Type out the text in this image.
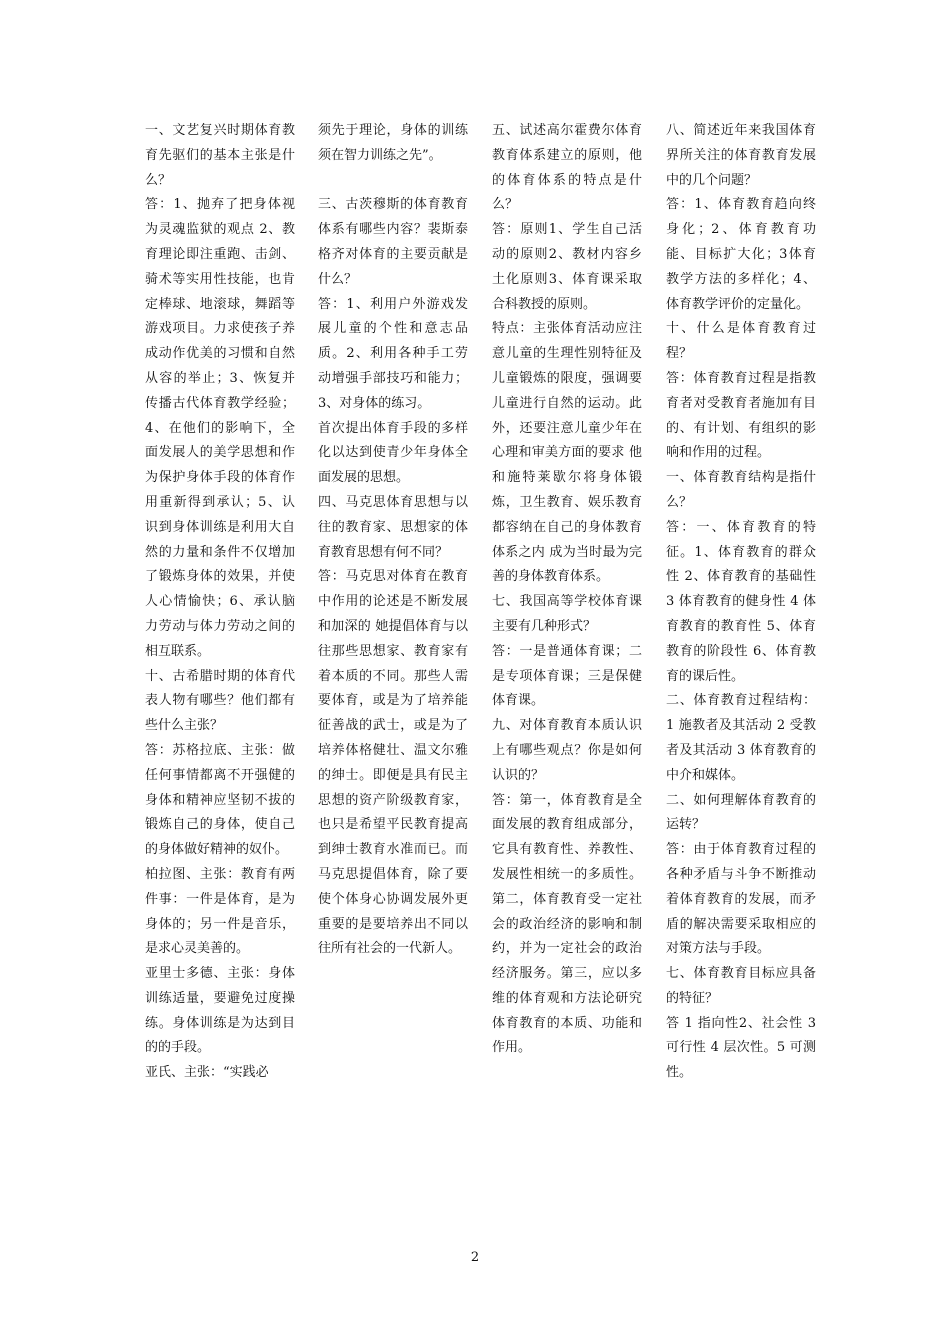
一、文艺复兴时期体育教育先驱们的基本主张是什么？

答：1、抛弃了把身体视为灵魂监狱的观点 2、教育理论即注重跑、击剑、骑术等实用性技能，也肯定棒球、地滚球，舞蹈等游戏项目。力求使孩子养成动作优美的习惯和自然从容的举止；3、恢复并传播古代体育教学经验；4、在他们的影响下，全面发展人的美学思想和作为保护身体手段的体育作用重新得到承认；5、认识到身体训练是利用大自然的力量和条件不仅增加了锻炼身体的效果，并使人心情愉快；6、承认脑力劳动与体力劳动之间的相互联系。

十、古希腊时期的体育代表人物有哪些？他们都有些什么主张？

答：苏格拉底、主张：做任何事情都离不开强健的身体和精神应坚韧不拔的锻炼自己的身体，使自己的身体做好精神的奴仆。

柏拉图、主张：教育有两件事：一件是体育，是为身体的；另一件是音乐，是求心灵美善的。

亚里士多德、主张：身体训练适量，要避免过度操练。身体训练是为达到目的的手段。

亚氏、主张：“实践必

须先于理论，身体的训练须在智力训练之先”。

三、古茨穆斯的体育教育体系有哪些内容？裴斯泰格齐对体育的主要贡献是什么？

答：1、利用户外游戏发展儿童的个性和意志品质。2、利用各种手工劳动增强手部技巧和能力；3、对身体的练习。

首次提出体育手段的多样化以达到使青少年身体全面发展的思想。

四、马克思体育思想与以往的教育家、思想家的体育教育思想有何不同？

答：马克思对体育在教育中作用的论述是不断发展和加深的 她提倡体育与以往那些思想家、教育家有着本质的不同。那些人需要体育，或是为了培养能征善战的武士，或是为了培养体格健壮、温文尔雅的绅士。即便是具有民主思想的资产阶级教育家，也只是希望平民教育提高到绅士教育水准而已。而马克思提倡体育，除了要使个体身心协调发展外更重要的是要培养出不同以往所有社会的一代新人。

五、试述高尔霍费尔体育教育体系建立的原则，他的体育体系的特点是什么？

答：原则1、学生自己活动的原则2、教材内容乡土化原则3、体育课采取合科教授的原则。

特点：主张体育活动应注意儿童的生理性别特征及儿童锻炼的限度，强调要儿童进行自然的运动。此外，还要注意儿童少年在心理和审美方面的要求 他和施特莱歇尔将身体锻炼，卫生教育、娱乐教育都容纳在自己的身体教育体系之内 成为当时最为完善的身体教育体系。

七、我国高等学校体育课主要有几种形式？

答：一是普通体育课；二是专项体育课；三是保健体育课。

九、对体育教育本质认识上有哪些观点？你是如何认识的？

答：第一，体育教育是全面发展的教育组成部分，它具有教育性、养教性、发展性相统一的多质性。第二，体育教育受一定社会的政治经济的影响和制约，并为一定社会的政治经济服务。第三，应以多维的体育观和方法论研究体育教育的本质、功能和作用。

八、简述近年来我国体育界所关注的体育教育发展中的几个问题？

答：1、体育教育趋向终身化；2、体育教育功能、目标扩大化；3体育教学方法的多样化；4、体育教学评价的定量化。

十、什么是体育教育过程？

答：体育教育过程是指教育者对受教育者施加有目的、有计划、有组织的影响和作用的过程。

一、体育教育结构是指什么？

答：一、体育教育的特征。1、体育教育的群众性 2、体育教育的基础性 3 体育教育的健身性 4 体育教育的教育性 5、体育教育的阶段性 6、体育教育的课后性。

二、体育教育过程结构：1 施教者及其活动 2 受教者及其活动 3 体育教育的中介和媒体。

二、如何理解体育教育的运转？

答：由于体育教育过程的各种矛盾与斗争不断推动着体育教育的发展，而矛盾的解决需要采取相应的对策方法与手段。

七、体育教育目标应具备的特征？

答 1 指向性2、社会性 3 可行性 4 层次性。5 可测性。

2
